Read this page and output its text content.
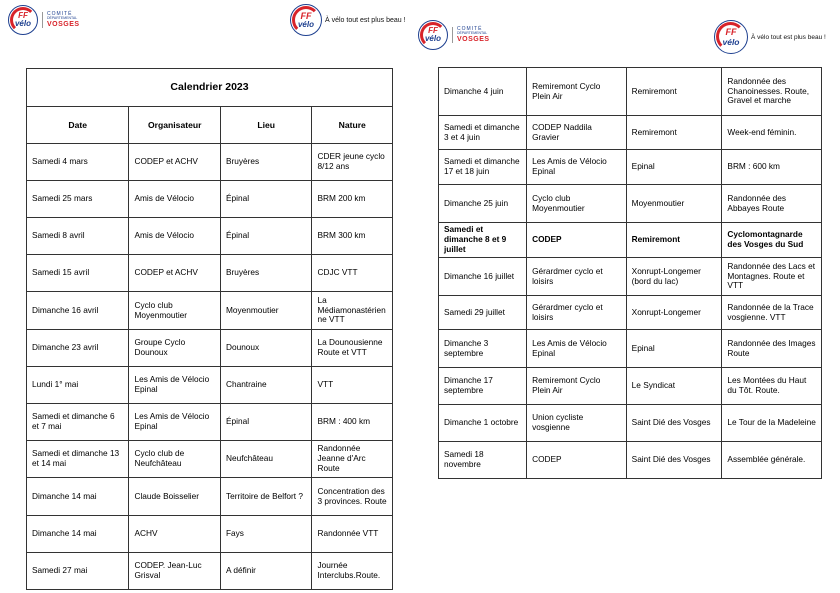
FF
vélo
COMITÉ
DÉPARTEMENTAL
VOSGES
FF
vélo	À vélo tout est plus beau !
FF
vélo
COMITÉ
DÉPARTEMENTAL
VOSGES
FF
vélo	À vélo tout est plus beau !
Calendrier 2023			
Date	Organisateur	Lieu	Nature
Samedi 4 mars	CODEP et ACHV	Bruyères	CDER jeune cyclo 8/12 ans
Samedi 25 mars	Amis de Vélocio	Épinal	BRM 200 km
Samedi 8 avril	Amis de Vélocio	Épinal	BRM 300 km
Samedi 15 avril	CODEP et ACHV	Bruyères	CDJC VTT
Dimanche 16 avril	Cyclo club Moyenmoutier	Moyenmoutier	La Médiamonastérienne VTT
Dimanche 23 avril	Groupe Cyclo Dounoux	Dounoux	La Dounousienne Route et VTT
Lundi 1° mai	Les Amis de Vélocio Epinal	Chantraine	VTT
Samedi et dimanche 6 et 7 mai	Les Amis de Vélocio Epinal	Épinal	BRM : 400 km
Samedi et dimanche 13 et 14 mai	Cyclo club de Neufchâteau	Neufchâteau	Randonnée Jeanne d'Arc Route
Dimanche 14 mai	Claude Boisselier	Territoire de Belfort ?	Concentration des 3 provinces. Route
Dimanche 14 mai	ACHV	Fays	Randonnée VTT
Samedi 27 mai	CODEP. Jean-Luc Grisval	A définir	Journée Interclubs.Route.
Dimanche 4 juin	Remiremont Cyclo Plein Air	Remiremont	Randonnée des Chanoinesses. Route, Gravel et marche
Samedi et dimanche 3 et 4 juin	CODEP Naddila Gravier	Remiremont	Week-end féminin.
Samedi et dimanche 17 et 18 juin	Les Amis de Vélocio Epinal	Epinal	BRM : 600 km
Dimanche 25 juin	Cyclo club Moyenmoutier	Moyenmoutier	Randonnée des Abbayes Route
Samedi et dimanche 8 et 9 juillet	CODEP	Remiremont	Cyclomontagnarde des Vosges du Sud
Dimanche 16 juillet	Gérardmer cyclo et loisirs	Xonrupt-Longemer (bord du lac)	Randonnée des Lacs et Montagnes. Route et VTT
Samedi 29 juillet	Gérardmer cyclo et loisirs	Xonrupt-Longemer	Randonnée de la Trace vosgienne. VTT
Dimanche 3 septembre	Les Amis de Vélocio Epinal	Epinal	Randonnée des Images Route
Dimanche 17 septembre	Remiremont Cyclo Plein Air	Le Syndicat	Les Montées du Haut du Tôt. Route.
Dimanche 1 octobre	Union cycliste vosgienne	Saint Dié des Vosges	Le Tour de la Madeleine
Samedi 18 novembre	CODEP	Saint Dié des Vosges	Assemblée générale.
